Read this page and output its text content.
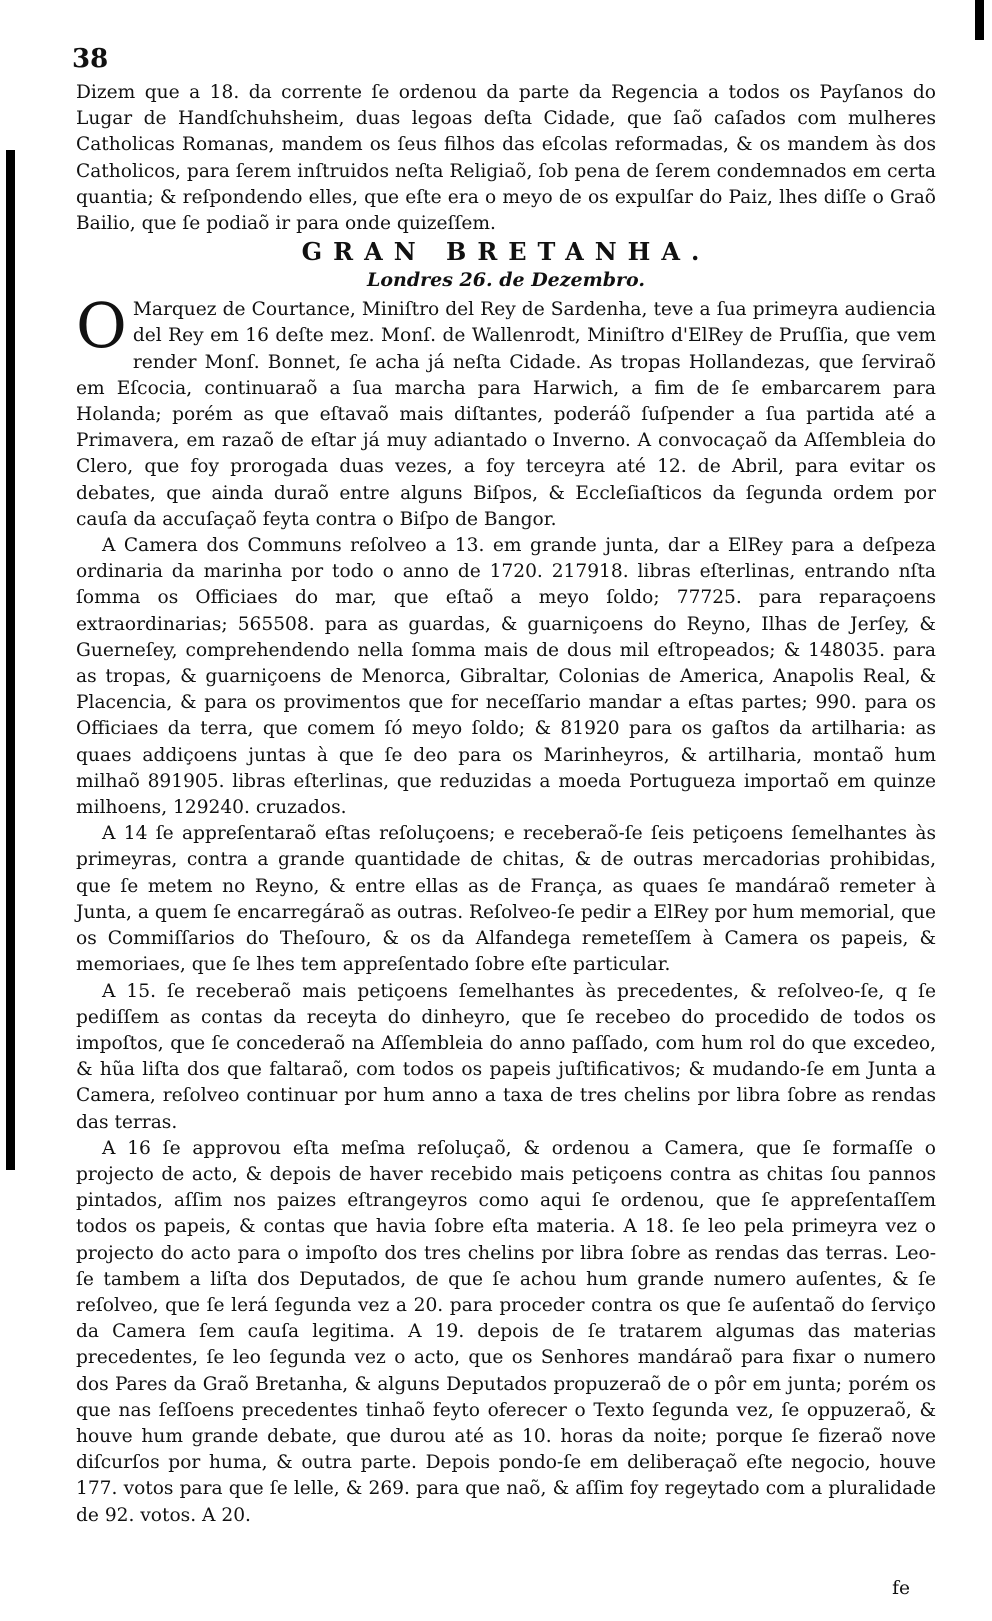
38

Dizem que a 18. da corrente ſe ordenou da parte da Regencia a todos os Payſanos do Lugar de Handſchuhsheim, duas legoas deſta Cidade, que ſaõ caſados com mulheres Catholicas Romanas, mandem os ſeus filhos das eſcolas reformadas, & os mandem às dos Catholicos, para ſerem inſtruidos neſta Religiaõ, ſob pena de ſerem condemnados em certa quantia; & reſpondendo elles, que eſte era o meyo de os expulſar do Paiz, lhes diſſe o Graõ Bailio, que ſe podiaõ ir para onde quizeſſem.

GRAN BRETANHA.

Londres 26. de Dezembro.

OMarquez de Courtance, Miniſtro del Rey de Sardenha, teve a ſua primeyra audiencia del Rey em 16 deſte mez. Monſ. de Wallenrodt, Miniſtro d'ElRey de Pruſſia, que vem render Monſ. Bonnet, ſe acha já neſta Cidade. As tropas Hollandezas, que ſerviraõ em Eſcocia, continuaraõ a ſua marcha para Harwich, a fim de ſe embarcarem para Holanda; porém as que eſtavaõ mais diſtantes, poderáõ ſuſpender a ſua partida até a Primavera, em razaõ de eſtar já muy adiantado o Inverno. A convocaçaõ da Aſſembleia do Clero, que foy prorogada duas vezes, a foy terceyra até 12. de Abril, para evitar os debates, que ainda duraõ entre alguns Biſpos, & Eccleſiaſticos da ſegunda ordem por cauſa da accuſaçaõ feyta contra o Biſpo de Bangor.

A Camera dos Communs reſolveo a 13. em grande junta, dar a ElRey para a deſpeza ordinaria da marinha por todo o anno de 1720. 217918. libras eſterlinas, entrando nſta ſomma os Officiaes do mar, que eſtaõ a meyo ſoldo; 77725. para reparaçoens extraordinarias; 565508. para as guardas, & guarniçoens do Reyno, Ilhas de Jerſey, & Guerneſey, comprehendendo nella ſomma mais de dous mil eſtropeados; & 148035. para as tropas, & guarniçoens de Menorca, Gibraltar, Colonias de America, Anapolis Real, & Placencia, & para os provimentos que for neceſſario mandar a eſtas partes; 990. para os Officiaes da terra, que comem ſó meyo ſoldo; & 81920 para os gaſtos da artilharia: as quaes addiçoens juntas à que ſe deo para os Marinheyros, & artilharia, montaõ hum milhaõ 891905. libras eſterlinas, que reduzidas a moeda Portugueza importaõ em quinze milhoens, 129240. cruzados.

A 14 ſe appreſentaraõ eſtas reſoluçoens; e receberaõ-ſe ſeis petiçoens ſemelhantes às primeyras, contra a grande quantidade de chitas, & de outras mercadorias prohibidas, que ſe metem no Reyno, & entre ellas as de França, as quaes ſe mandáraõ remeter à Junta, a quem ſe encarregáraõ as outras. Reſolveo-ſe pedir a ElRey por hum memorial, que os Commiſſarios do Theſouro, & os da Alfandega remeteſſem à Camera os papeis, & memoriaes, que ſe lhes tem appreſentado ſobre eſte particular.

A 15. ſe receberaõ mais petiçoens ſemelhantes às precedentes, & reſolveo-ſe, q ſe pediſſem as contas da receyta do dinheyro, que ſe recebeo do procedido de todos os impoſtos, que ſe concederaõ na Aſſembleia do anno paſſado, com hum rol do que excedeo, & hũa liſta dos que faltaraõ, com todos os papeis juſtificativos; & mudando-ſe em Junta a Camera, reſolveo continuar por hum anno a taxa de tres chelins por libra ſobre as rendas das terras.

A 16 ſe approvou eſta meſma reſoluçaõ, & ordenou a Camera, que ſe formaſſe o projecto de acto, & depois de haver recebido mais petiçoens contra as chitas ſou pannos pintados, aſſim nos paizes eſtrangeyros como aqui ſe ordenou, que ſe appreſentaſſem todos os papeis, & contas que havia ſobre eſta materia. A 18. ſe leo pela primeyra vez o projecto do acto para o impoſto dos tres chelins por libra ſobre as rendas das terras. Leo-ſe tambem a liſta dos Deputados, de que ſe achou hum grande numero auſentes, & ſe reſolveo, que ſe lerá ſegunda vez a 20. para proceder contra os que ſe auſentaõ do ſerviço da Camera ſem cauſa legitima. A 19. depois de ſe tratarem algumas das materias precedentes, ſe leo ſegunda vez o acto, que os Senhores mandáraõ para fixar o numero dos Pares da Graõ Bretanha, & alguns Deputados propuzeraõ de o pôr em junta; porém os que nas ſeſſoens precedentes tinhaõ feyto oferecer o Texto ſegunda vez, ſe oppuzeraõ, & houve hum grande debate, que durou até as 10. horas da noite; porque ſe fizeraõ nove diſcurſos por huma, & outra parte. Depois pondo-ſe em deliberaçaõ eſte negocio, houve 177. votos para que ſe lelle, & 269. para que naõ, & aſſim foy regeytado com a pluralidade de 92. votos. A 20.

fe
